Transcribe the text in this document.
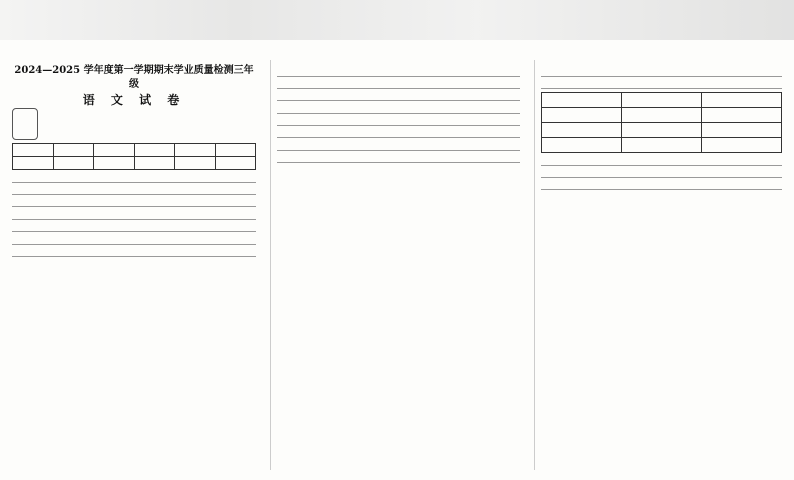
2024—2025 学年度第一学期期末学业质量检测三年级
语 文 试 卷
